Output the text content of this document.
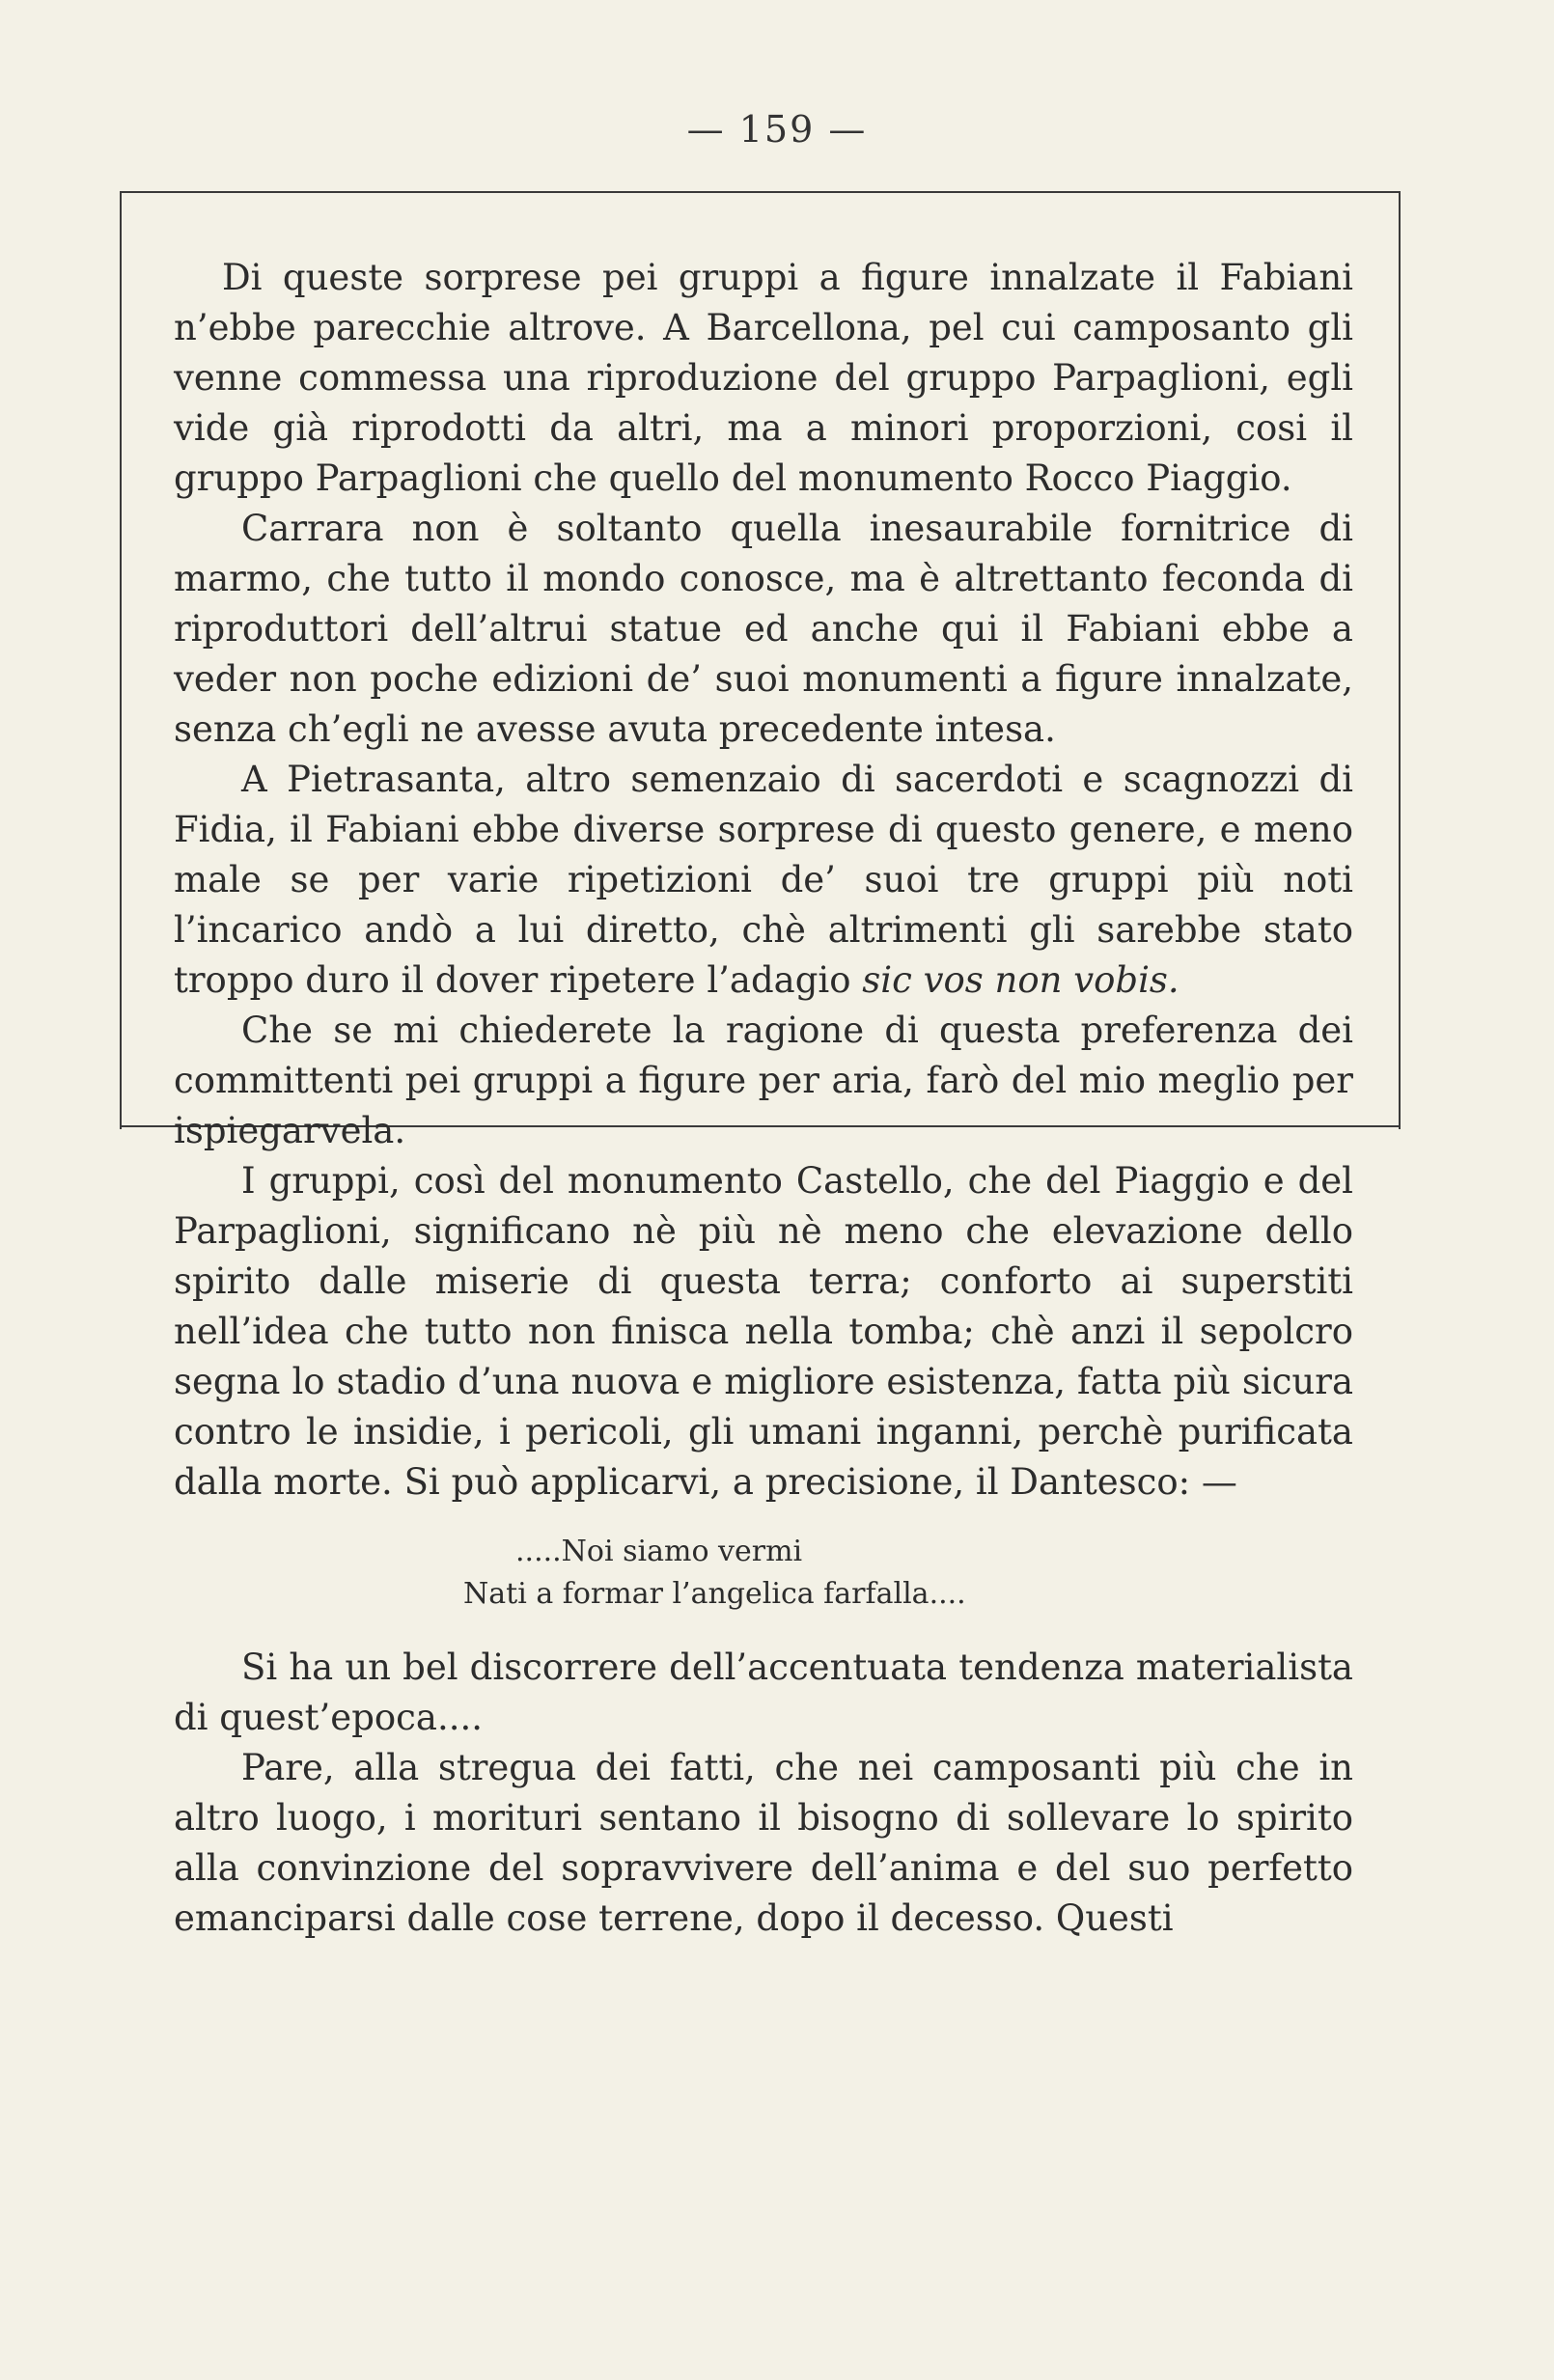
— 159 —

Di queste sorprese pei gruppi a figure innalzate il Fabiani n’ebbe parecchie altrove. A Barcellona, pel cui camposanto gli venne commessa una riproduzione del gruppo Parpaglioni, egli vide già riprodotti da altri, ma a minori proporzioni, cosi il gruppo Parpaglioni che quello del monumento Rocco Piaggio.

Carrara non è soltanto quella inesaurabile fornitrice di marmo, che tutto il mondo conosce, ma è altrettanto feconda di riproduttori dell’altrui statue ed anche qui il Fabiani ebbe a veder non poche edizioni de’ suoi monumenti a figure innalzate, senza ch’egli ne avesse avuta precedente intesa.

A Pietrasanta, altro semenzaio di sacerdoti e scagnozzi di Fidia, il Fabiani ebbe diverse sorprese di questo genere, e meno male se per varie ripetizioni de’ suoi tre gruppi più noti l’incarico andò a lui diretto, chè altrimenti gli sarebbe stato troppo duro il dover ripetere l’adagio sic vos non vobis.

Che se mi chiederete la ragione di questa preferenza dei committenti pei gruppi a figure per aria, farò del mio meglio per ispiegarvela.

I gruppi, così del monumento Castello, che del Piaggio e del Parpaglioni, significano nè più nè meno che elevazione dello spirito dalle miserie di questa terra; conforto ai superstiti nell’idea che tutto non finisca nella tomba; chè anzi il sepolcro segna lo stadio d’una nuova e migliore esistenza, fatta più sicura contro le insidie, i pericoli, gli umani inganni, perchè purificata dalla morte. Si può applicarvi, a precisione, il Dantesco: —

.....Noi siamo vermi
Nati a formar l’angelica farfalla....

Si ha un bel discorrere dell’accentuata tendenza materialista di quest’epoca....

Pare, alla stregua dei fatti, che nei camposanti più che in altro luogo, i morituri sentano il bisogno di sollevare lo spirito alla convinzione del sopravvivere dell’anima e del suo perfetto emanciparsi dalle cose terrene, dopo il decesso. Questi
